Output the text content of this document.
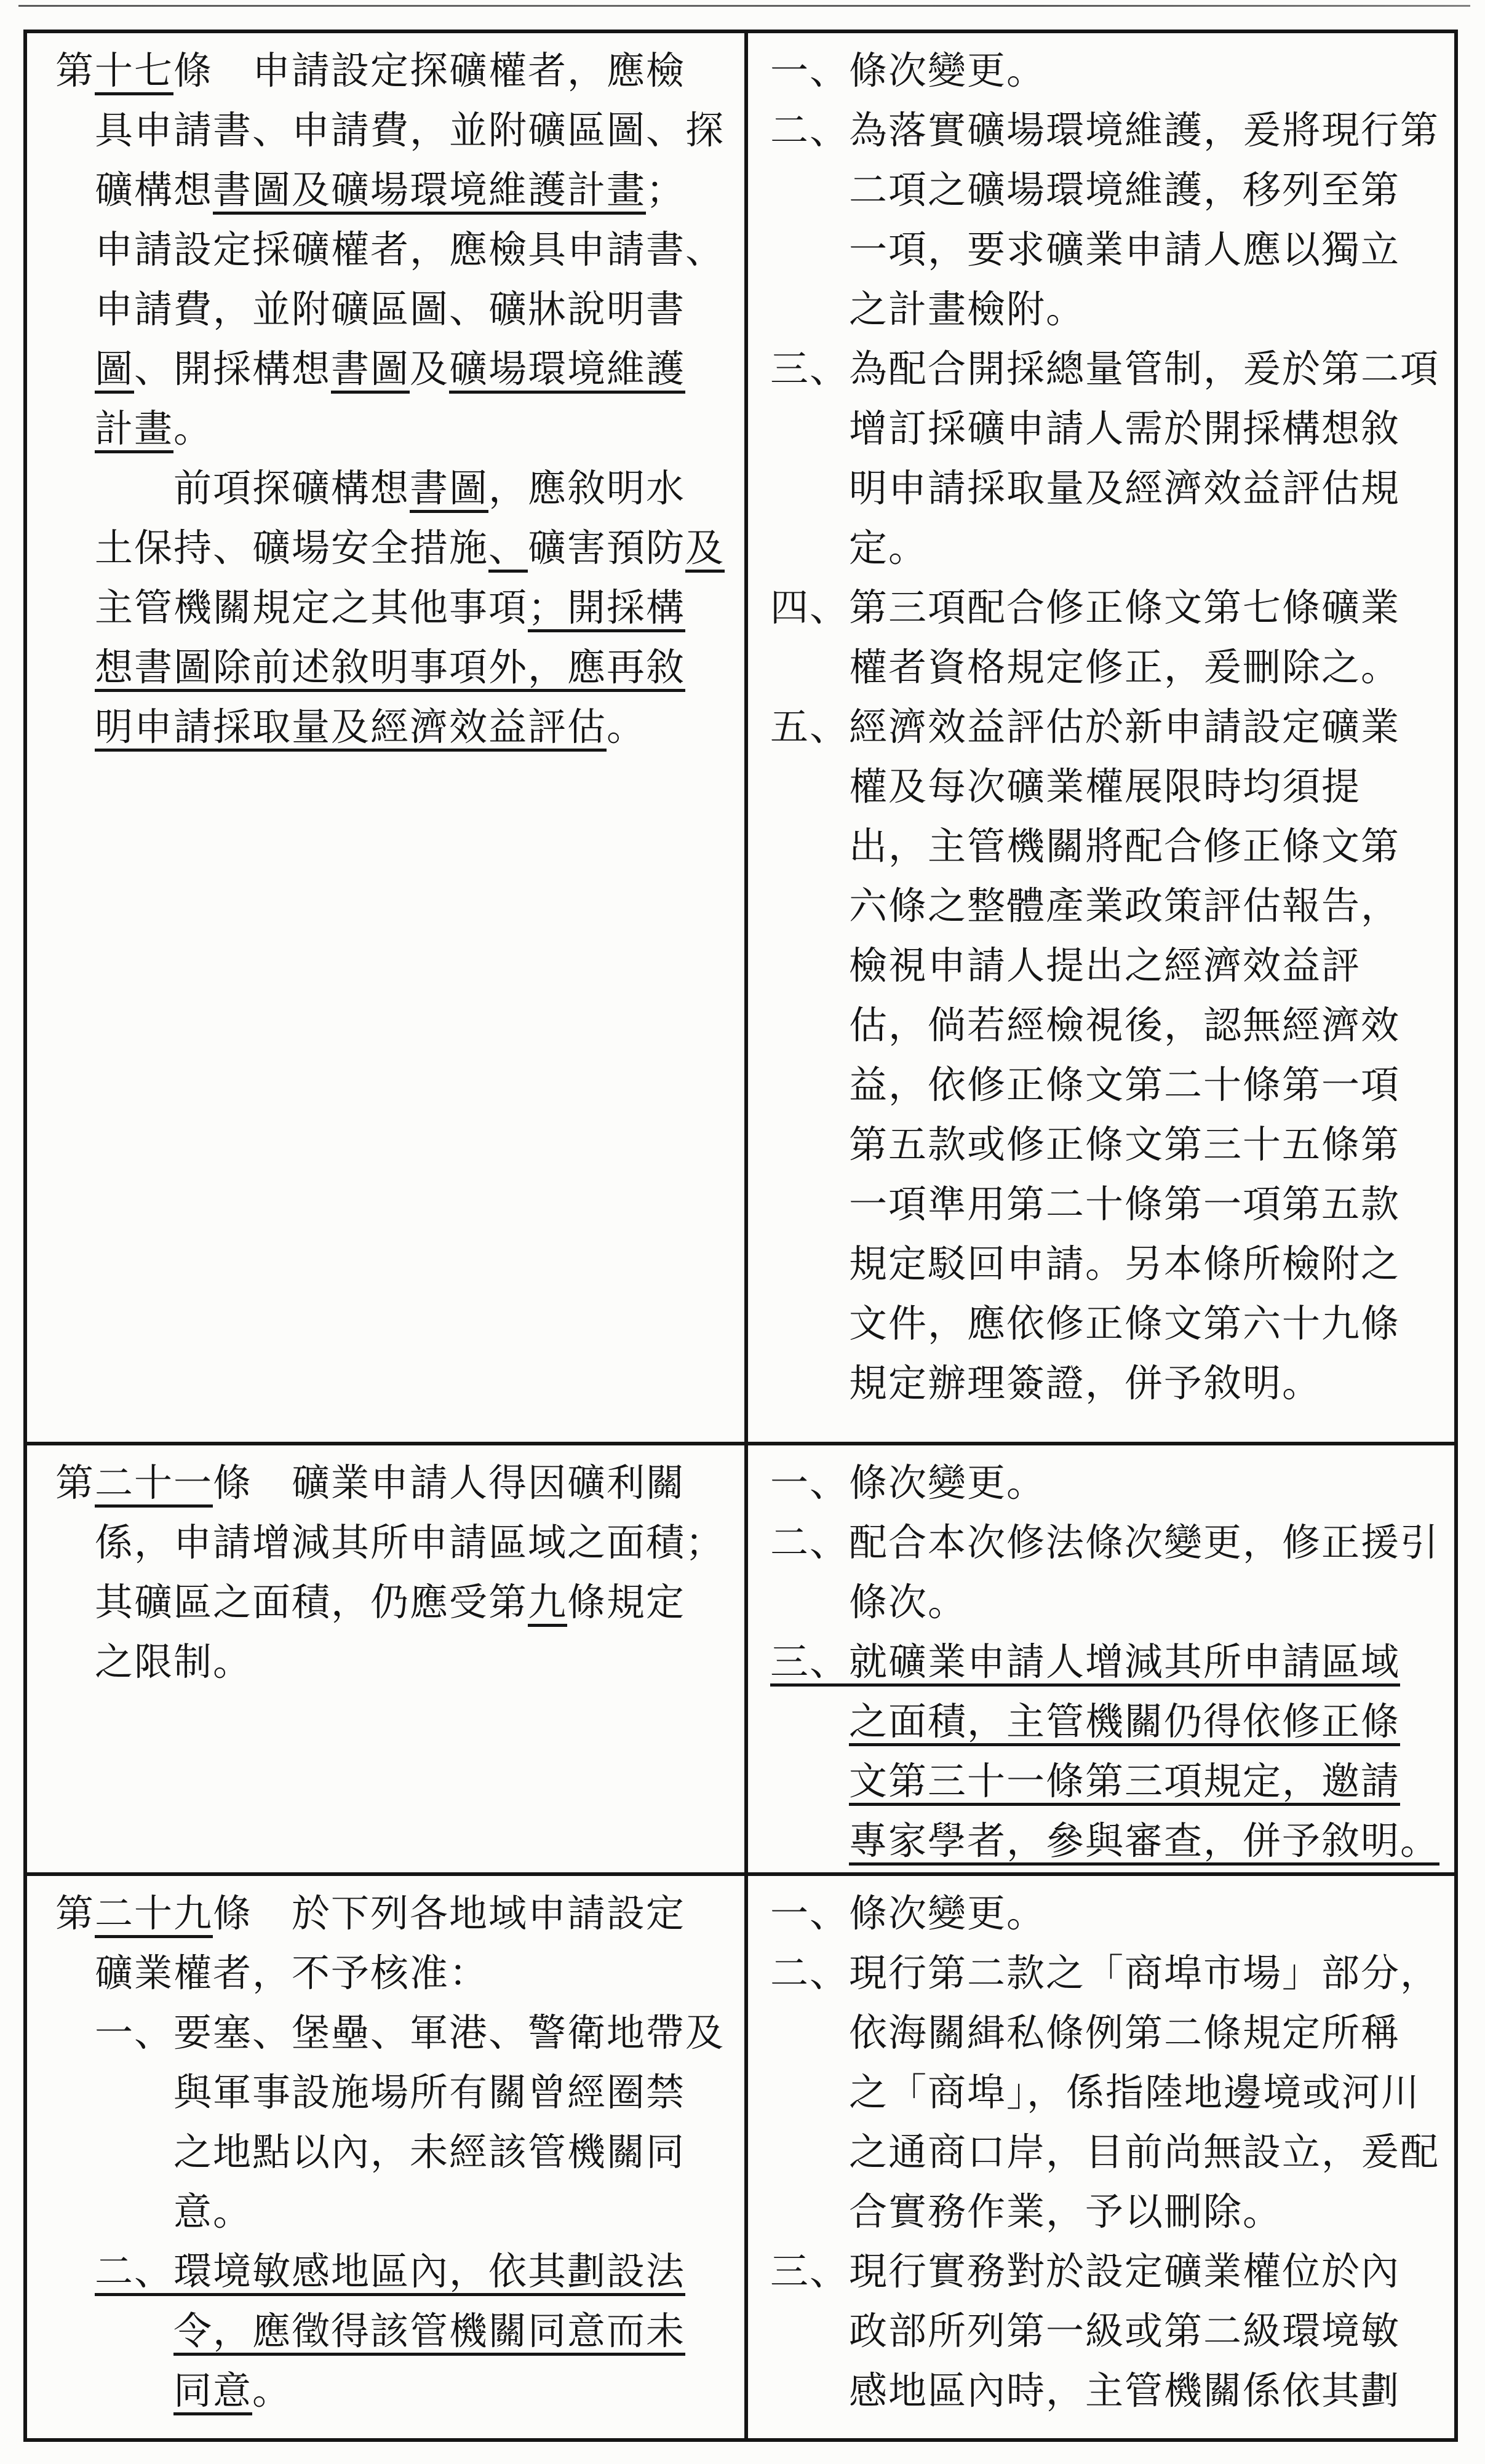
第十七條　申請設定探礦權者，應檢
具申請書、申請費，並附礦區圖、探
礦構想書圖及礦場環境維護計畫；
申請設定採礦權者，應檢具申請書、
申請費，並附礦區圖、礦牀說明書
圖、開採構想書圖及礦場環境維護
計畫。
前項探礦構想書圖，應敘明水
土保持、礦場安全措施、礦害預防及
主管機關規定之其他事項；開採構
想書圖除前述敘明事項外，應再敘
明申請採取量及經濟效益評估。
一、條次變更。
二、為落實礦場環境維護，爰將現行第
二項之礦場環境維護，移列至第
一項，要求礦業申請人應以獨立
之計畫檢附。
三、為配合開採總量管制，爰於第二項
增訂採礦申請人需於開採構想敘
明申請採取量及經濟效益評估規
定。
四、第三項配合修正條文第七條礦業
權者資格規定修正，爰刪除之。
五、經濟效益評估於新申請設定礦業
權及每次礦業權展限時均須提
出，主管機關將配合修正條文第
六條之整體產業政策評估報告，
檢視申請人提出之經濟效益評
估，倘若經檢視後，認無經濟效
益，依修正條文第二十條第一項
第五款或修正條文第三十五條第
一項準用第二十條第一項第五款
規定駁回申請。另本條所檢附之
文件，應依修正條文第六十九條
規定辦理簽證，併予敘明。
第二十一條　礦業申請人得因礦利關
係，申請增減其所申請區域之面積；
其礦區之面積，仍應受第九條規定
之限制。
一、條次變更。
二、配合本次修法條次變更，修正援引
條次。
三、就礦業申請人增減其所申請區域
之面積，主管機關仍得依修正條
文第三十一條第三項規定，邀請
專家學者，參與審查，併予敘明。
第二十九條　於下列各地域申請設定
礦業權者，不予核准：
一、要塞、堡壘、軍港、警衛地帶及
與軍事設施場所有關曾經圈禁
之地點以內，未經該管機關同
意。
二、環境敏感地區內，依其劃設法
令，應徵得該管機關同意而未
同意。
一、條次變更。
二、現行第二款之「商埠市場」部分，
依海關緝私條例第二條規定所稱
之「商埠」，係指陸地邊境或河川
之通商口岸，目前尚無設立，爰配
合實務作業，予以刪除。
三、現行實務對於設定礦業權位於內
政部所列第一級或第二級環境敏
感地區內時，主管機關係依其劃
